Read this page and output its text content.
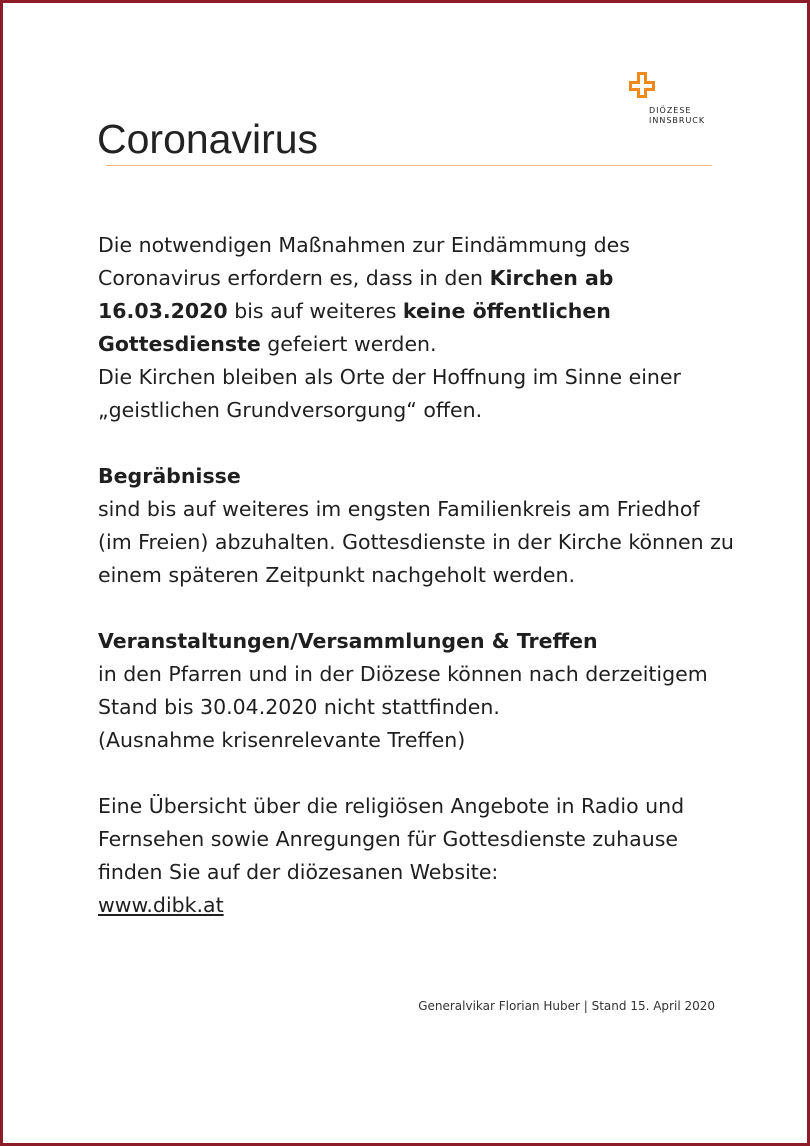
DIÖZESE
INNSBRUCK
Coronavirus

Die notwendigen Maßnahmen zur Eindämmung des Coronavirus erfordern es, dass in den Kirchen ab 16.03.2020 bis auf weiteres keine öffentlichen Gottesdienste gefeiert werden.

Die Kirchen bleiben als Orte der Hoffnung im Sinne einer „geistlichen Grundversorgung“ offen.

Begräbnisse

sind bis auf weiteres im engsten Familienkreis am Friedhof (im Freien) abzuhalten. Gottesdienste in der Kirche können zu einem späteren Zeitpunkt nachgeholt werden.

Veranstaltungen/Versammlungen & Treffen

in den Pfarren und in der Diözese können nach derzeitigem Stand bis 30.04.2020 nicht stattfinden.

(Ausnahme krisenrelevante Treffen)

Eine Übersicht über die religiösen Angebote in Radio und Fernsehen sowie Anregungen für Gottesdienste zuhause finden Sie auf der diözesanen Website:

www.dibk.at

Generalvikar Florian Huber | Stand 15. April 2020
